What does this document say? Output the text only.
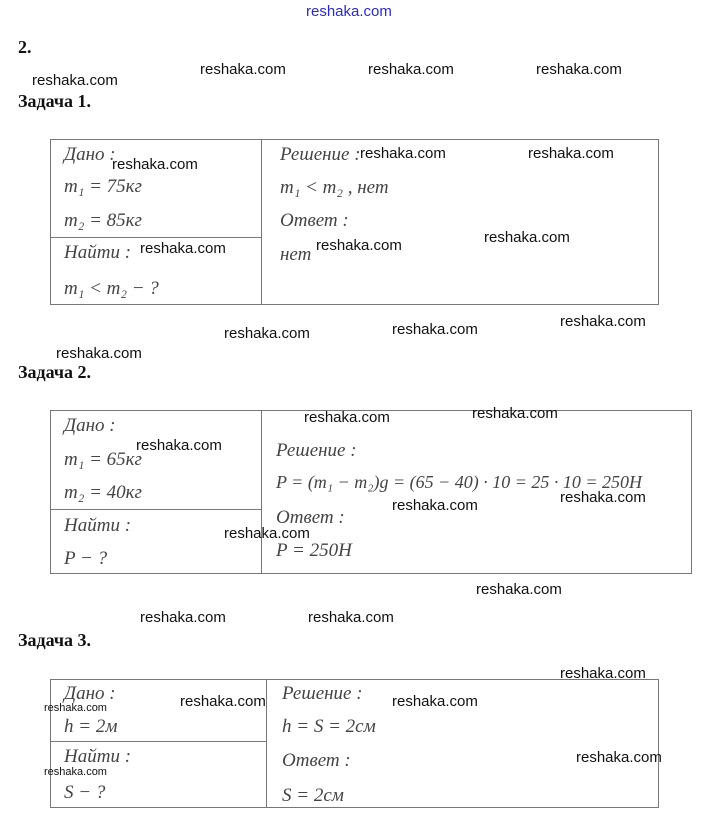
reshaka.com
2.
Задача 1.
Дано :
m₁ = 75кг
m₂ = 85кг
Найти :
m₁ < m₂ − ?
Решение :
m₁ < m₂ , нет
Ответ :
нет
Задача 2.
Дано :
m₁ = 65кг
m₂ = 40кг
Найти :
P − ?
Решение :
P = (m₁ − m₂)g = (65 − 40) · 10 = 25 · 10 = 250H
Ответ :
P = 250H
Задача 3.
Дано :
h = 2м
Найти :
S − ?
Решение :
h = S = 2см
Ответ :
S = 2см
reshaka.com
reshaka.com	reshaka.com	reshaka.com
reshaka.com
reshaka.com	reshaka.com
reshaka.com	reshaka.com	reshaka.com
reshaka.com	reshaka.com	reshaka.com
reshaka.com
reshaka.com	reshaka.com
reshaka.com
reshaka.com
reshaka.com
reshaka.com
reshaka.com
reshaka.com	reshaka.com
reshaka.com
reshaka.com	reshaka.com
reshaka.com
reshaka.com
reshaka.com
